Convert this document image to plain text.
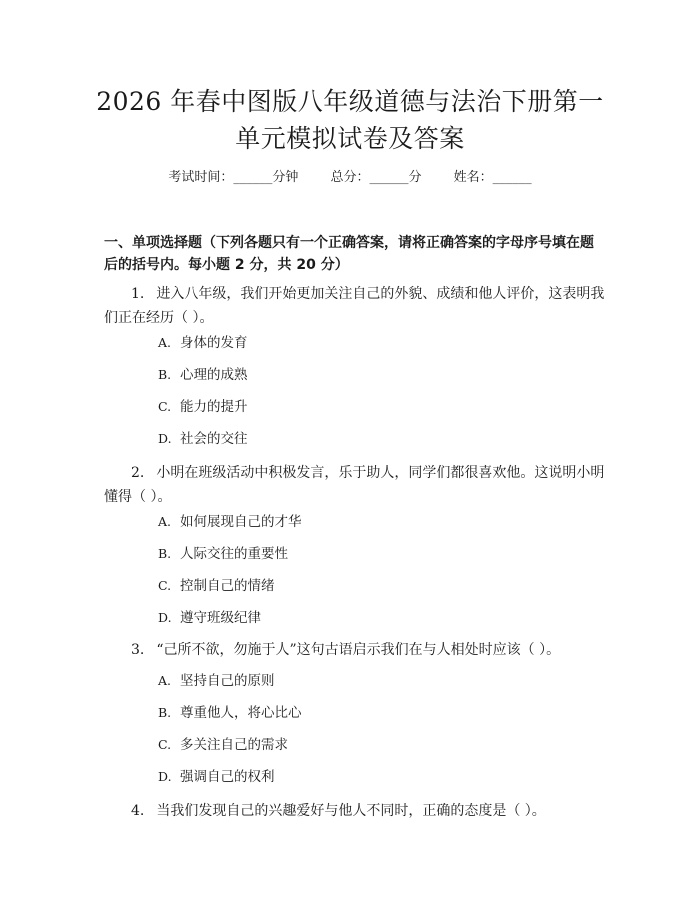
2026 年春中图版八年级道德与法治下册第一
单元模拟试卷及答案
考试时间：______分钟 总分：______分 姓名：______
一、单项选择题（下列各题只有一个正确答案，请将正确答案的字母序号填在题后的括号内。每小题 2 分，共 20 分）
1. 进入八年级，我们开始更加关注自己的外貌、成绩和他人评价，这表明我们正在经历（ ）。
A. 身体的发育
B. 心理的成熟
C. 能力的提升
D. 社会的交往
2. 小明在班级活动中积极发言，乐于助人，同学们都很喜欢他。这说明小明懂得（ ）。
A. 如何展现自己的才华
B. 人际交往的重要性
C. 控制自己的情绪
D. 遵守班级纪律
3. “己所不欲，勿施于人”这句古语启示我们在与人相处时应该（ ）。
A. 坚持自己的原则
B. 尊重他人，将心比心
C. 多关注自己的需求
D. 强调自己的权利
4. 当我们发现自己的兴趣爱好与他人不同时，正确的态度是（ ）。
